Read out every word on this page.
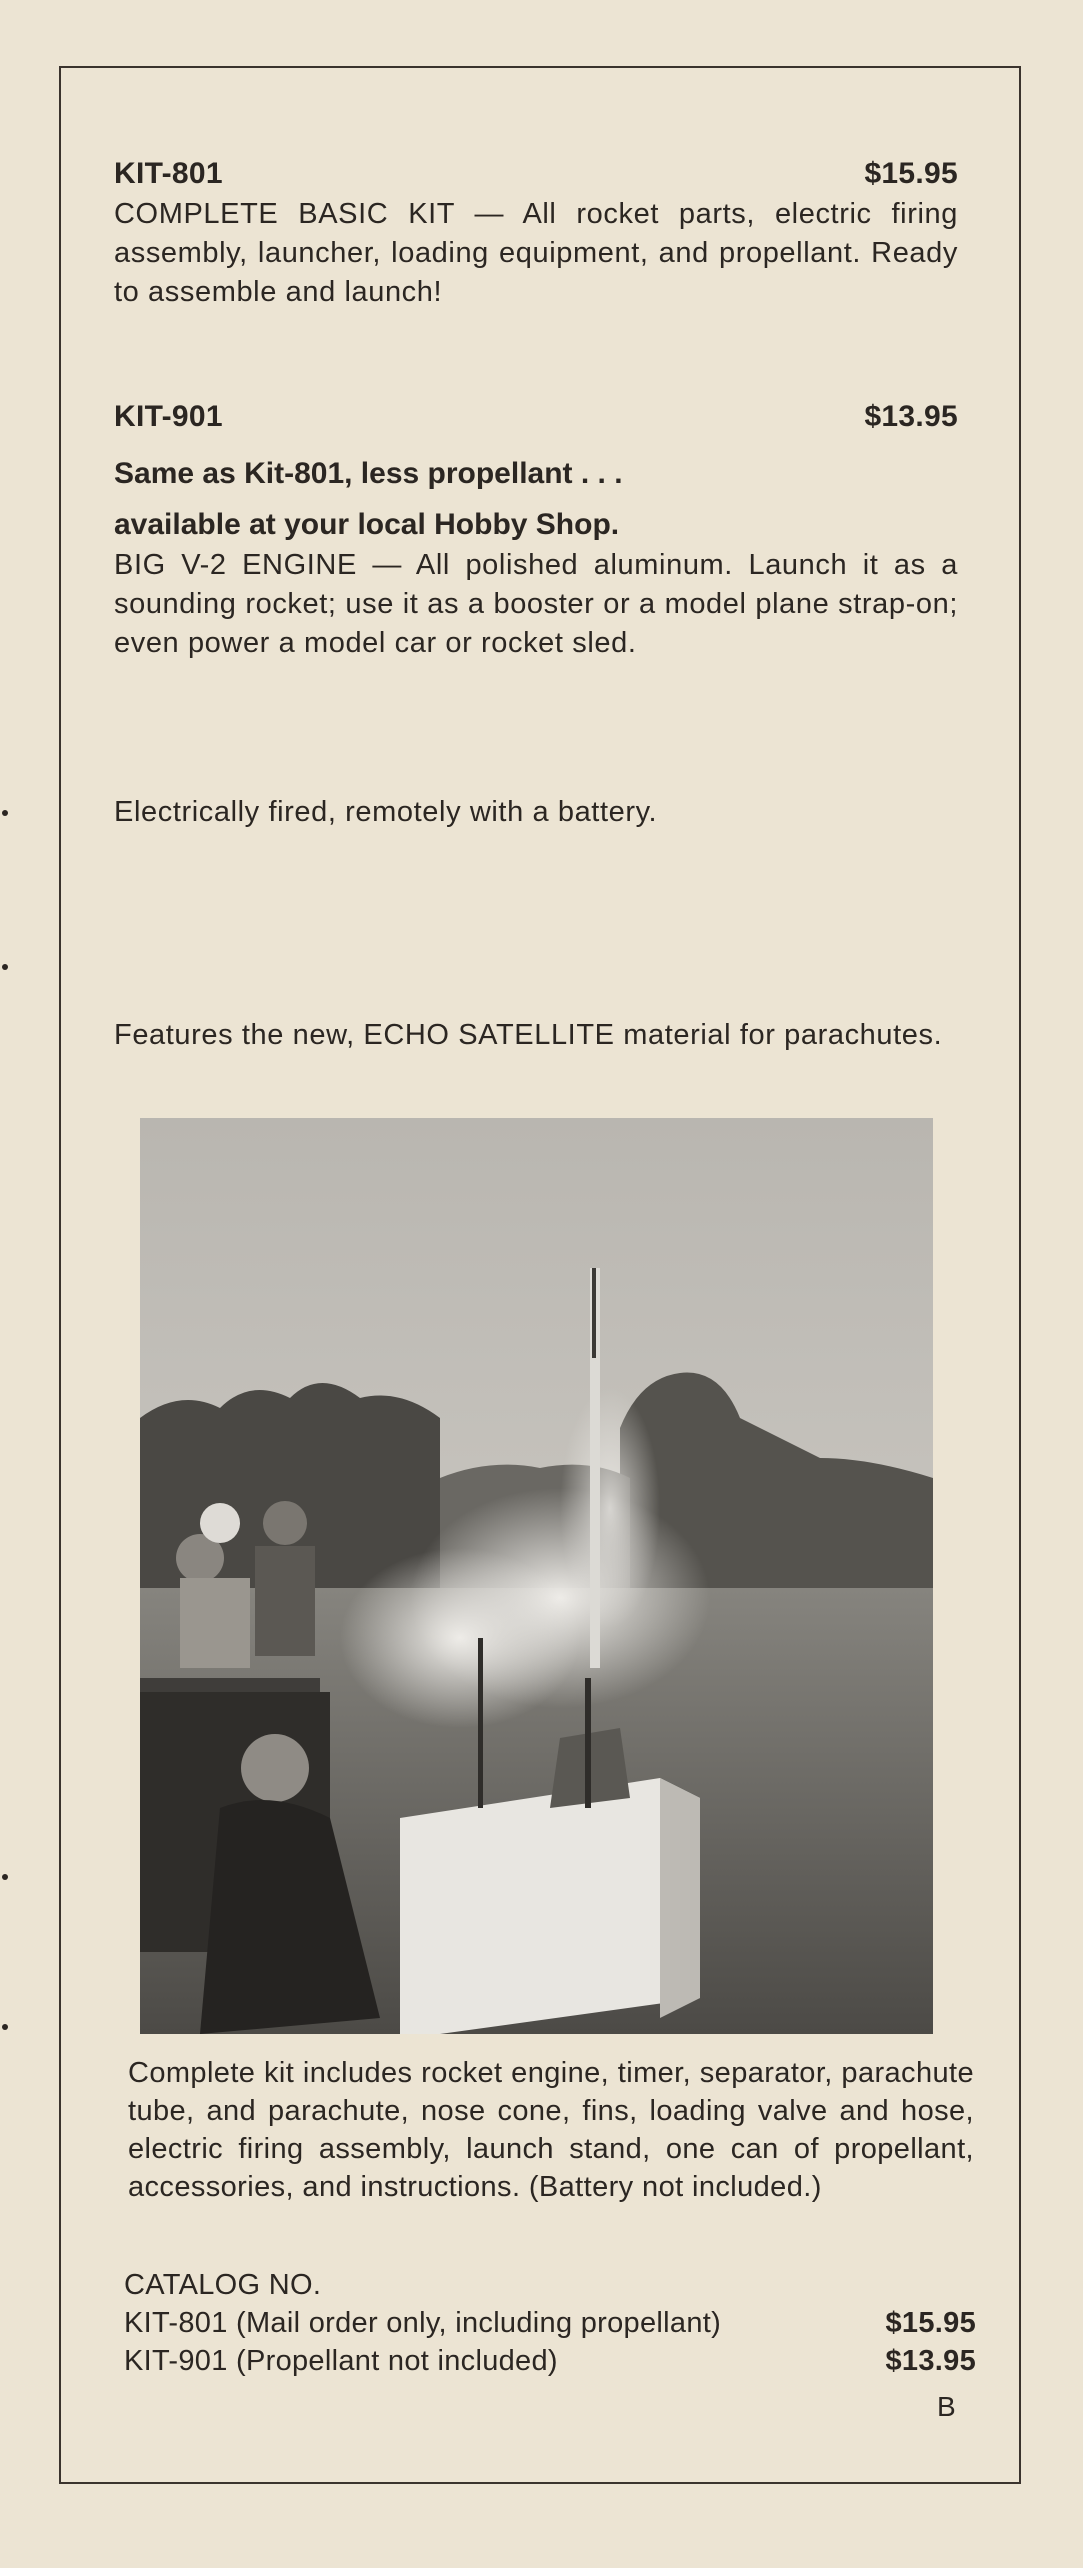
KIT-801	$15.95

COMPLETE BASIC KIT — All rocket parts, electric firing assembly, launcher, loading equipment, and propellant. Ready to assemble and launch!

KIT-901	$13.95

Same as Kit-801, less propellant . . .

available at your local Hobby Shop.

BIG V-2 ENGINE — All polished aluminum. Launch it as a sounding rocket; use it as a booster or a model plane strap-on; even power a model car or rocket sled.

Electrically fired, remotely with a battery.

Features the new, ECHO SATELLITE material for parachutes.

Complete kit includes rocket engine, timer, separator, parachute tube, and parachute, nose cone, fins, loading valve and hose, electric firing assembly, launch stand, one can of propellant, accessories, and instructions. (Battery not included.)

CATALOG NO.
KIT-801 (Mail order only, including propellant)	$15.95
KIT-901 (Propellant not included)	$13.95
B
